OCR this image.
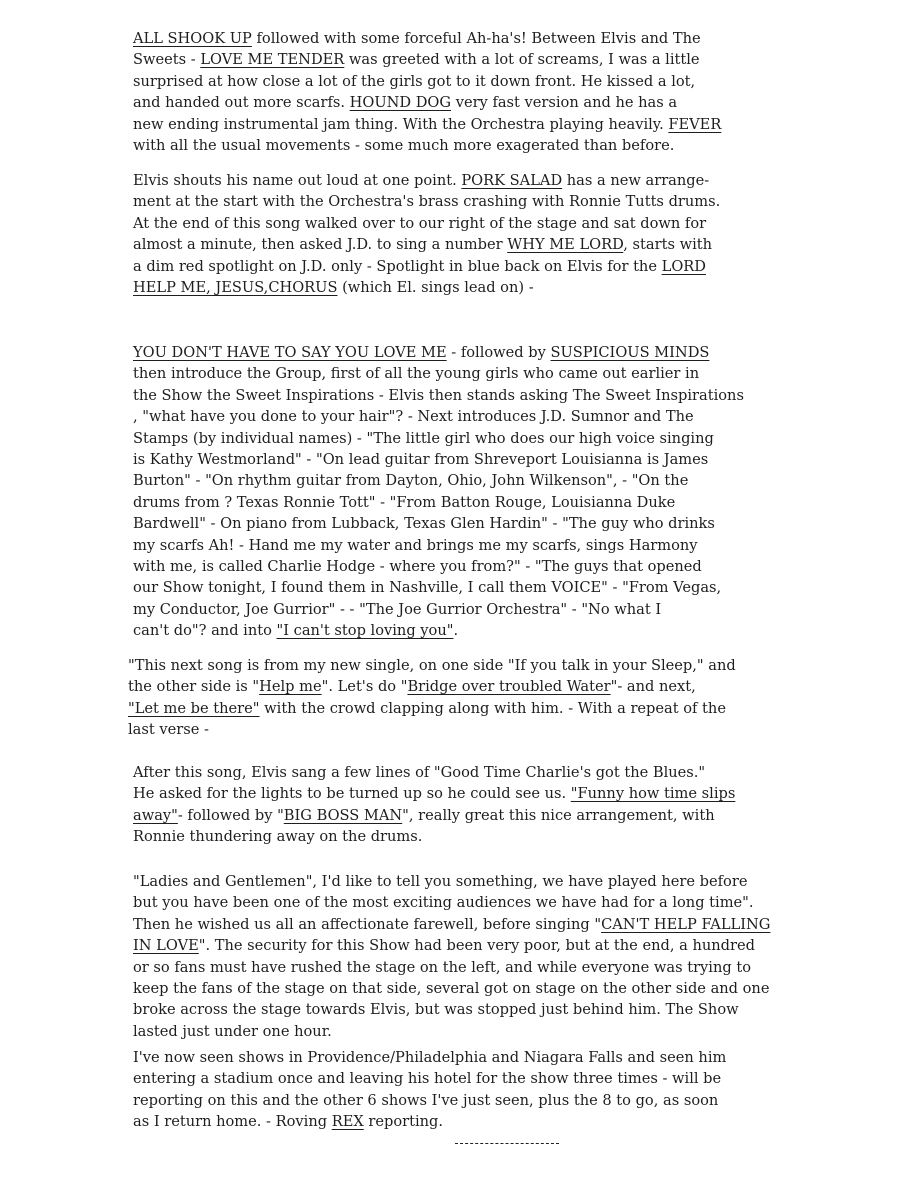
ALL SHOOK UP followed with some forceful Ah-ha's! Between Elvis and The
Sweets - LOVE ME TENDER was greeted with a lot of screams, I was a little
surprised at how close a lot of the girls got to it down front. He kissed a lot,
and handed out more scarfs. HOUND DOG very fast version and he has a
new ending instrumental jam thing. With the Orchestra playing heavily. FEVER
with all the usual movements - some much more exagerated than before.
Elvis shouts his name out loud at one point. PORK SALAD has a new arrange-
ment at the start with the Orchestra's brass crashing with Ronnie Tutts drums.
At the end of this song walked over to our right of the stage and sat down for
almost a minute, then asked J.D. to sing a number WHY ME LORD, starts with
a dim red spotlight on J.D. only - Spotlight in blue back on Elvis for the LORD
HELP ME, JESUS,CHORUS (which El. sings lead on) -
YOU DON'T HAVE TO SAY YOU LOVE ME - followed by SUSPICIOUS MINDS
then introduce the Group, first of all the young girls who came out earlier in
the Show the Sweet Inspirations - Elvis then stands asking The Sweet Inspirations
, "what have you done to your hair"? - Next introduces J.D. Sumnor and The
Stamps (by individual names) - "The little girl who does our high voice singing
is Kathy Westmorland" - "On lead guitar from Shreveport Louisianna is James
Burton" - "On rhythm guitar from Dayton, Ohio, John Wilkenson", - "On the
drums from ? Texas Ronnie Tott" - "From Batton Rouge, Louisianna Duke
Bardwell" - On piano from Lubback, Texas Glen Hardin" - "The guy who drinks
my scarfs Ah! - Hand me my water and brings me my scarfs, sings Harmony
with me, is called Charlie Hodge - where you from?" - "The guys that opened
our Show tonight, I found them in Nashville, I call them VOICE" - "From Vegas,
my Conductor, Joe Gurrior" - - "The Joe Gurrior Orchestra" - "No what I
can't do"? and into "I can't stop loving you".
"This next song is from my new single, on one side "If you talk in your Sleep," and
the other side is "Help me". Let's do "Bridge over troubled Water"- and next,
"Let me be there" with the crowd clapping along with him. - With a repeat of the
last verse -
After this song, Elvis sang a few lines of "Good Time Charlie's got the Blues."
He asked for the lights to be turned up so he could see us. "Funny how time slips
away"- followed by "BIG BOSS MAN", really great this nice arrangement, with
Ronnie thundering away on the drums.
"Ladies and Gentlemen", I'd like to tell you something, we have played here before
but you have been one of the most exciting audiences we have had for a long time".
Then he wished us all an affectionate farewell, before singing "CAN'T HELP FALLING
IN LOVE". The security for this Show had been very poor, but at the end, a hundred
or so fans must have rushed the stage on the left, and while everyone was trying to
keep the fans of the stage on that side, several got on stage on the other side and one
broke across the stage towards Elvis, but was stopped just behind him. The Show
lasted just under one hour.
I've now seen shows in Providence/Philadelphia and Niagara Falls and seen him
entering a stadium once and leaving his hotel for the show three times - will be
reporting on this and the other 6 shows I've just seen, plus the 8 to go, as soon
as I return home. - Roving REX reporting.
